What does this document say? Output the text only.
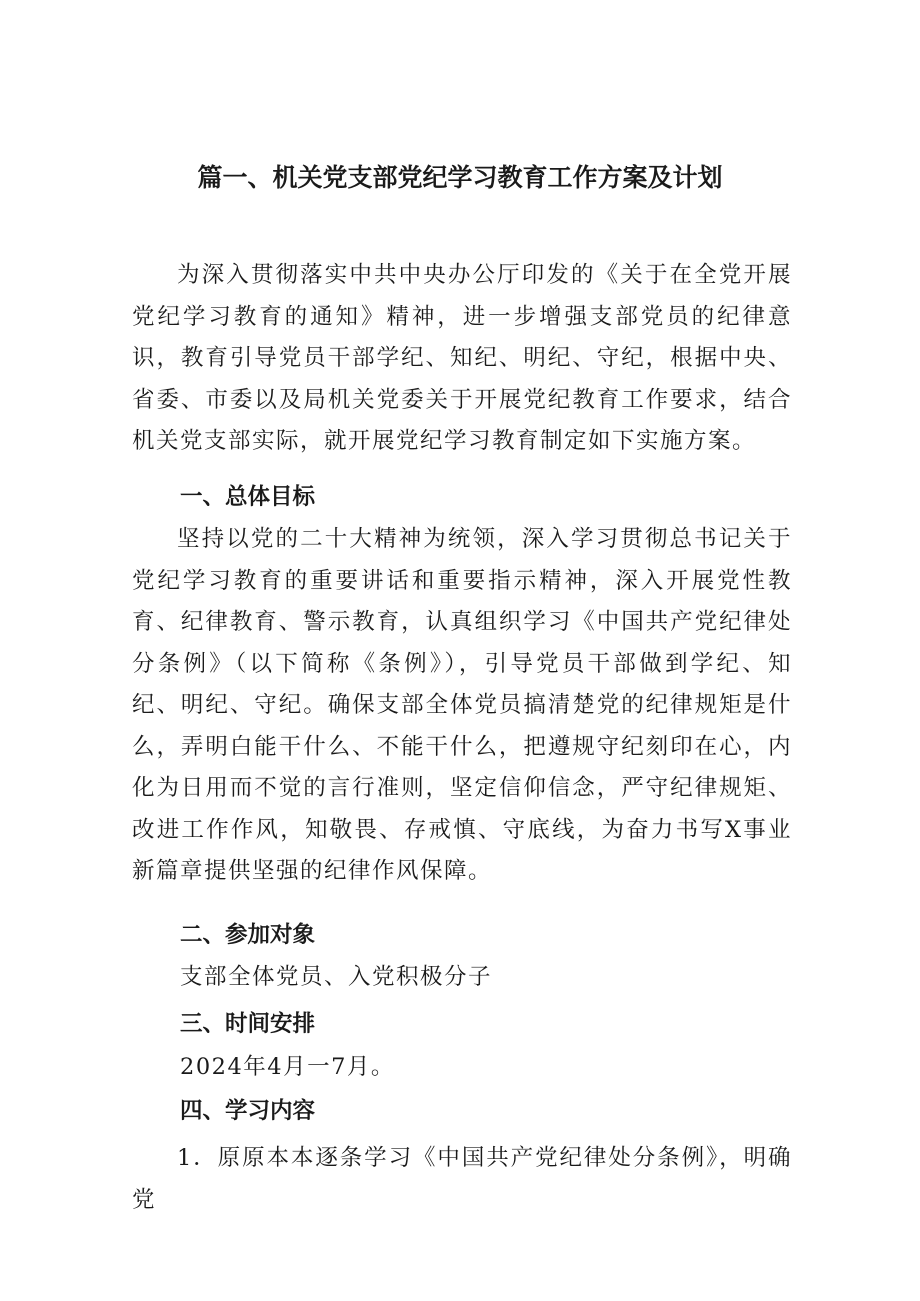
篇一、机关党支部党纪学习教育工作方案及计划

为深入贯彻落实中共中央办公厅印发的《关于在全党开展党纪学习教育的通知》精神，进一步增强支部党员的纪律意识，教育引导党员干部学纪、知纪、明纪、守纪，根据中央、省委、市委以及局机关党委关于开展党纪教育工作要求，结合机关党支部实际，就开展党纪学习教育制定如下实施方案。

一、总体目标

坚持以党的二十大精神为统领，深入学习贯彻总书记关于党纪学习教育的重要讲话和重要指示精神，深入开展党性教育、纪律教育、警示教育，认真组织学习《中国共产党纪律处分条例》（以下简称《条例》），引导党员干部做到学纪、知纪、明纪、守纪。确保支部全体党员搞清楚党的纪律规矩是什么，弄明白能干什么、不能干什么，把遵规守纪刻印在心，内化为日用而不觉的言行准则，坚定信仰信念，严守纪律规矩、改进工作作风，知敬畏、存戒慎、守底线，为奋力书写X事业新篇章提供坚强的纪律作风保障。

二、参加对象

支部全体党员、入党积极分子

三、时间安排

2024年4月一7月。

四、学习内容

1．原原本本逐条学习《中国共产党纪律处分条例》，明确党
